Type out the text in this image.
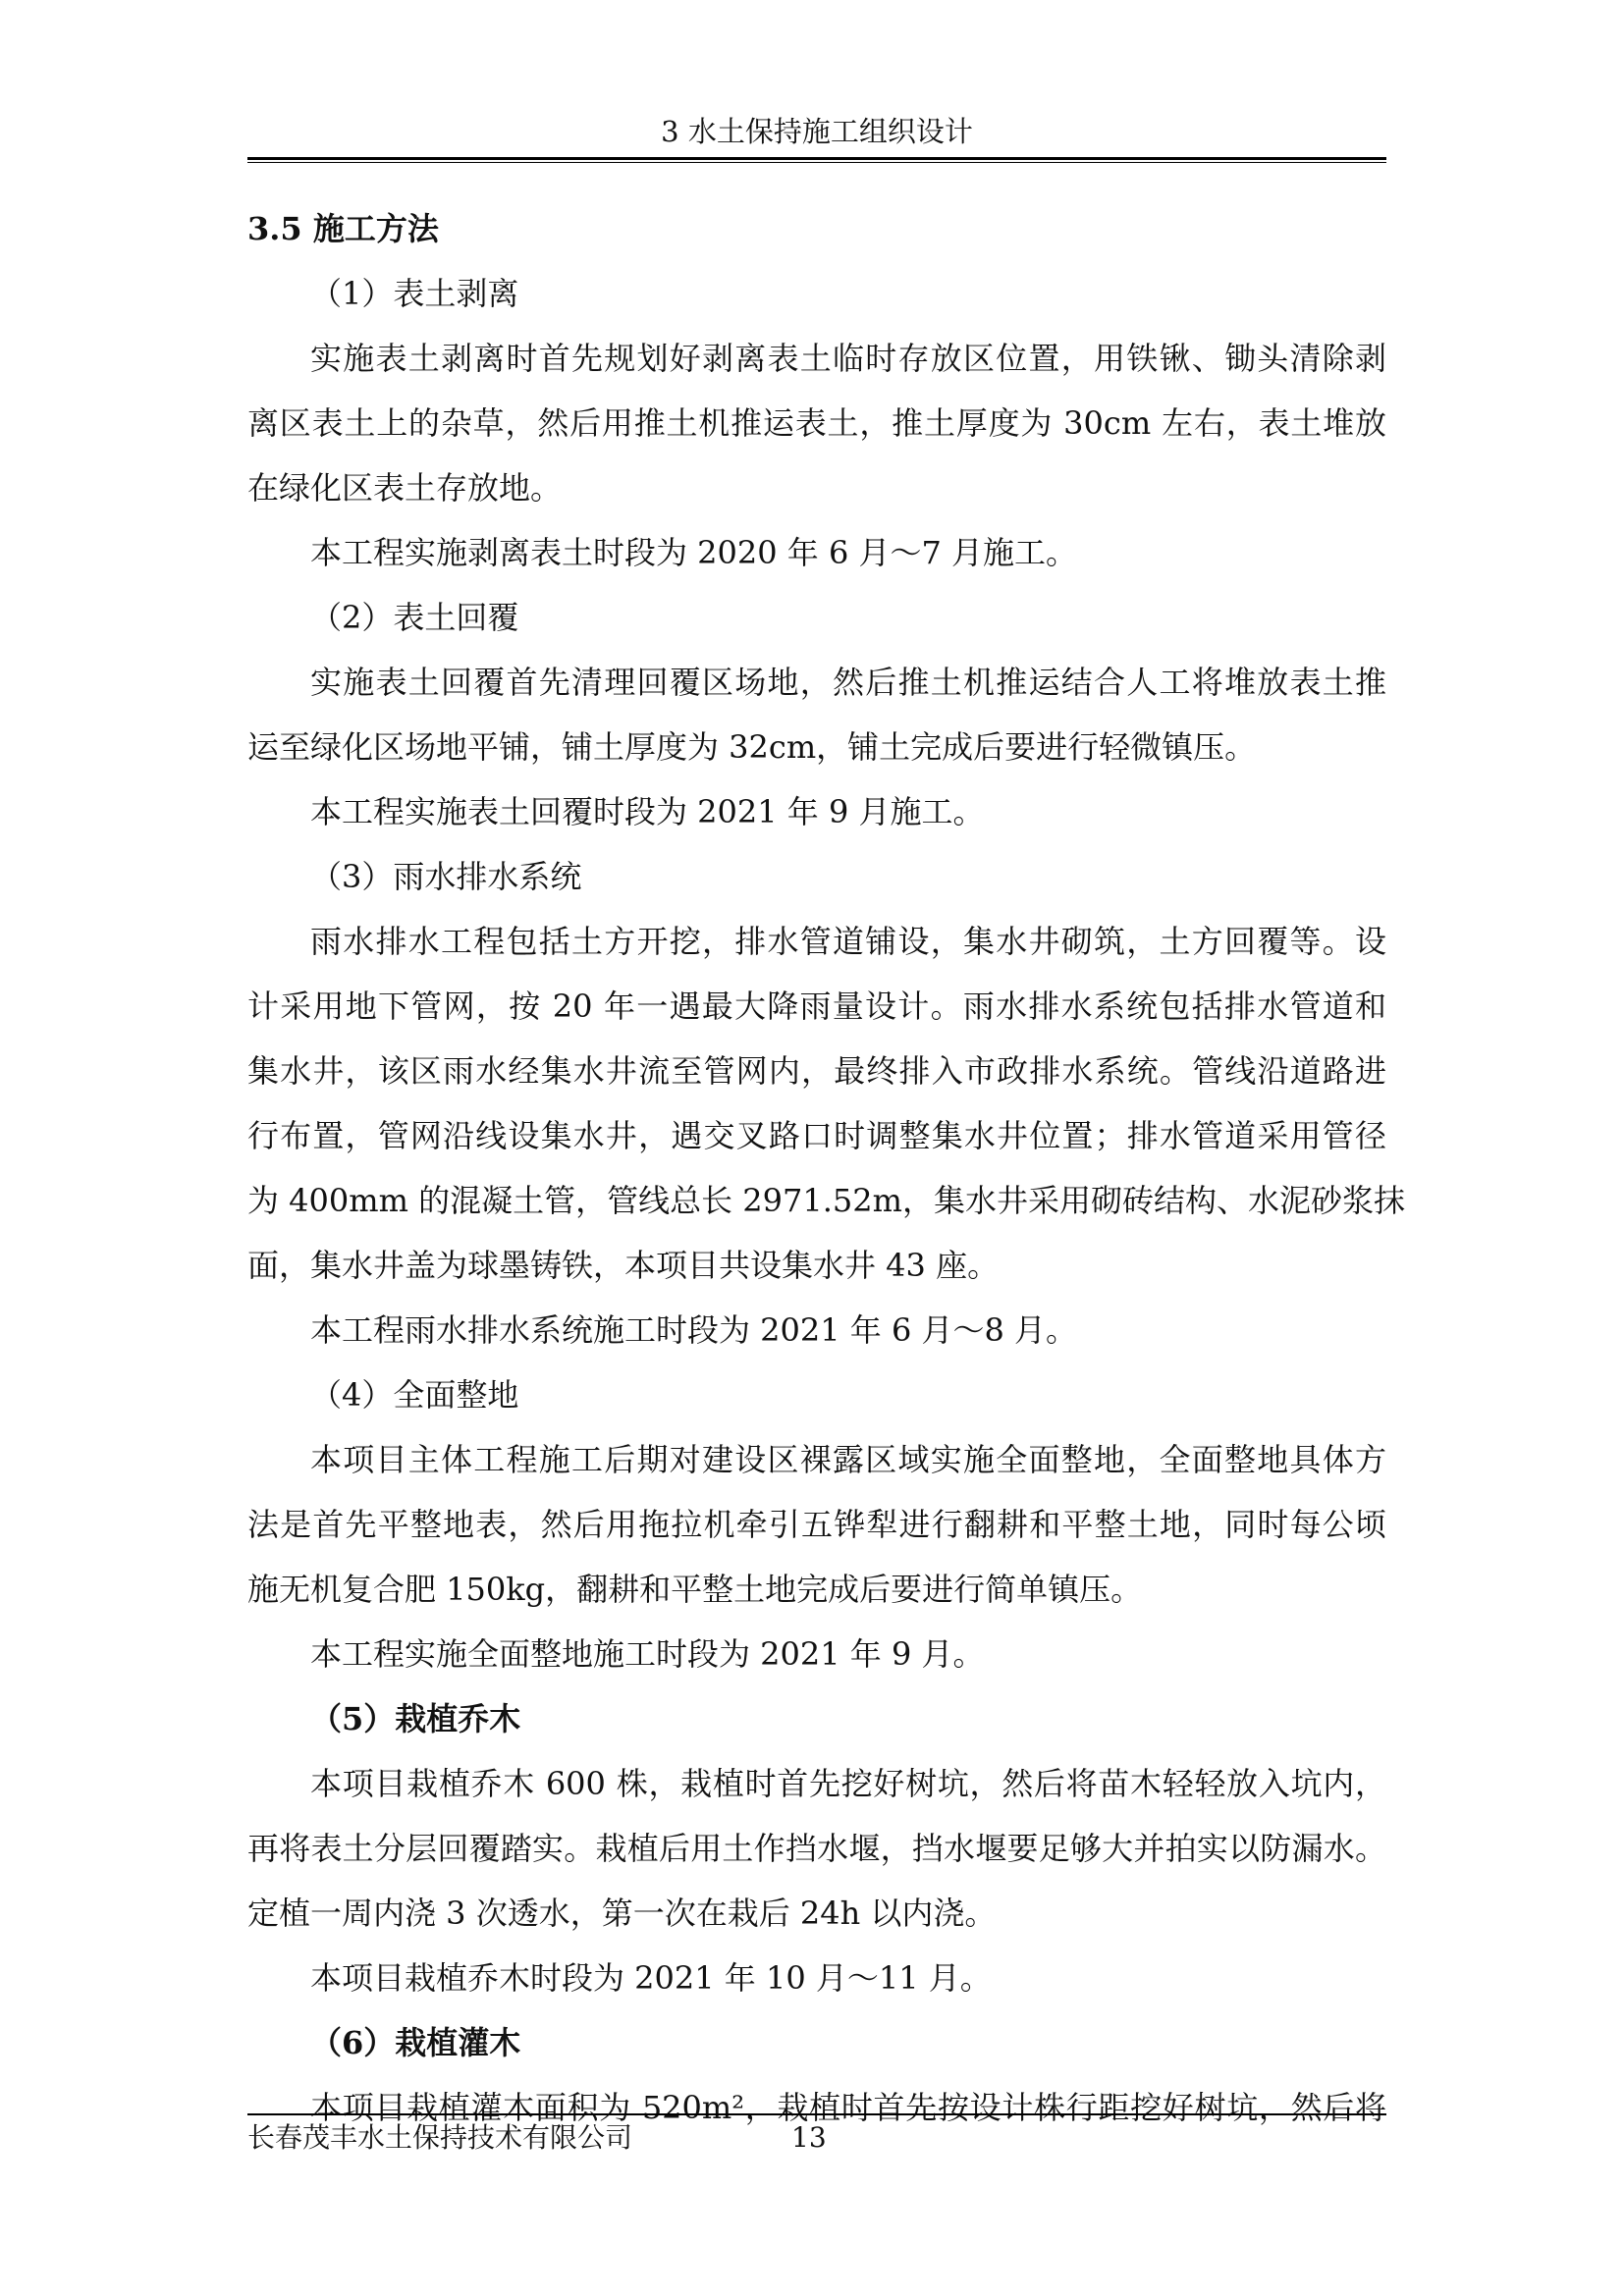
3 水土保持施工组织设计
3.5 施工方法
（1）表土剥离
实施表土剥离时首先规划好剥离表土临时存放区位置，用铁锹、锄头清除剥
离区表土上的杂草，然后用推土机推运表土，推土厚度为 30cm 左右，表土堆放
在绿化区表土存放地。
本工程实施剥离表土时段为 2020 年 6 月～7 月施工。
（2）表土回覆
实施表土回覆首先清理回覆区场地，然后推土机推运结合人工将堆放表土推
运至绿化区场地平铺，铺土厚度为 32cm，铺土完成后要进行轻微镇压。
本工程实施表土回覆时段为 2021 年 9 月施工。
（3）雨水排水系统
雨水排水工程包括土方开挖，排水管道铺设，集水井砌筑，土方回覆等。设
计采用地下管网，按 20 年一遇最大降雨量设计。雨水排水系统包括排水管道和
集水井，该区雨水经集水井流至管网内，最终排入市政排水系统。管线沿道路进
行布置，管网沿线设集水井，遇交叉路口时调整集水井位置；排水管道采用管径
为 400mm 的混凝土管，管线总长 2971.52m，集水井采用砌砖结构、水泥砂浆抹
面，集水井盖为球墨铸铁，本项目共设集水井 43 座。
本工程雨水排水系统施工时段为 2021 年 6 月～8 月。
（4）全面整地
本项目主体工程施工后期对建设区裸露区域实施全面整地，全面整地具体方
法是首先平整地表，然后用拖拉机牵引五铧犁进行翻耕和平整土地，同时每公顷
施无机复合肥 150kg，翻耕和平整土地完成后要进行简单镇压。
本工程实施全面整地施工时段为 2021 年 9 月。
（5）栽植乔木
本项目栽植乔木 600 株，栽植时首先挖好树坑，然后将苗木轻轻放入坑内，
再将表土分层回覆踏实。栽植后用土作挡水堰，挡水堰要足够大并拍实以防漏水。
定植一周内浇 3 次透水，第一次在栽后 24h 以内浇。
本项目栽植乔木时段为 2021 年 10 月～11 月。
（6）栽植灌木
本项目栽植灌木面积为 520m²，栽植时首先按设计株行距挖好树坑，然后将
长春茂丰水土保持技术有限公司	13
